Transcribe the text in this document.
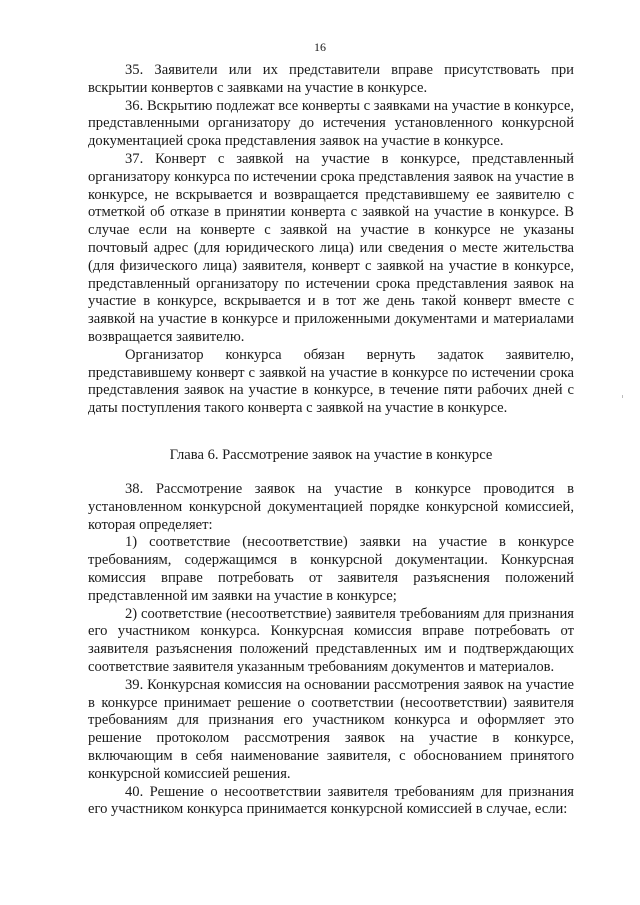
16

35. Заявители или их представители вправе присутствовать при вскрытии конвертов с заявками на участие в конкурсе.

36. Вскрытию подлежат все конверты с заявками на участие в конкурсе, представленными организатору до истечения установленного конкурсной документацией срока представления заявок на участие в конкурсе.

37. Конверт с заявкой на участие в конкурсе, представленный организатору конкурса по истечении срока представления заявок на участие в конкурсе, не вскрывается и возвращается представившему ее заявителю с отметкой об отказе в принятии конверта с заявкой на участие в конкурсе. В случае если на конверте с заявкой на участие в конкурсе не указаны почтовый адрес (для юридического лица) или сведения о месте жительства (для физического лица) заявителя, конверт с заявкой на участие в конкурсе, представленный организатору по истечении срока представления заявок на участие в конкурсе, вскрывается и в тот же день такой конверт вместе с заявкой на участие в конкурсе и приложенными документами и материалами возвращается заявителю.

Организатор конкурса обязан вернуть задаток заявителю, представившему конверт с заявкой на участие в конкурсе по истечении срока представления заявок на участие в конкурсе, в течение пяти рабочих дней с даты поступления такого конверта с заявкой на участие в конкурсе.

Глава 6. Рассмотрение заявок на участие в конкурсе

38. Рассмотрение заявок на участие в конкурсе проводится в установленном конкурсной документацией порядке конкурсной комиссией, которая определяет:

1) соответствие (несоответствие) заявки на участие в конкурсе требованиям, содержащимся в конкурсной документации. Конкурсная комиссия вправе потребовать от заявителя разъяснения положений представленной им заявки на участие в конкурсе;

2) соответствие (несоответствие) заявителя требованиям для признания его участником конкурса. Конкурсная комиссия вправе потребовать от заявителя разъяснения положений представленных им и подтверждающих соответствие заявителя указанным требованиям документов и материалов.

39. Конкурсная комиссия на основании рассмотрения заявок на участие в конкурсе принимает решение о соответствии (несоответствии) заявителя требованиям для признания его участником конкурса и оформляет это решение протоколом рассмотрения заявок на участие в конкурсе, включающим в себя наименование заявителя, с обоснованием принятого конкурсной комиссией решения.

40. Решение о несоответствии заявителя требованиям для признания его участником конкурса принимается конкурсной комиссией в случае, если:
